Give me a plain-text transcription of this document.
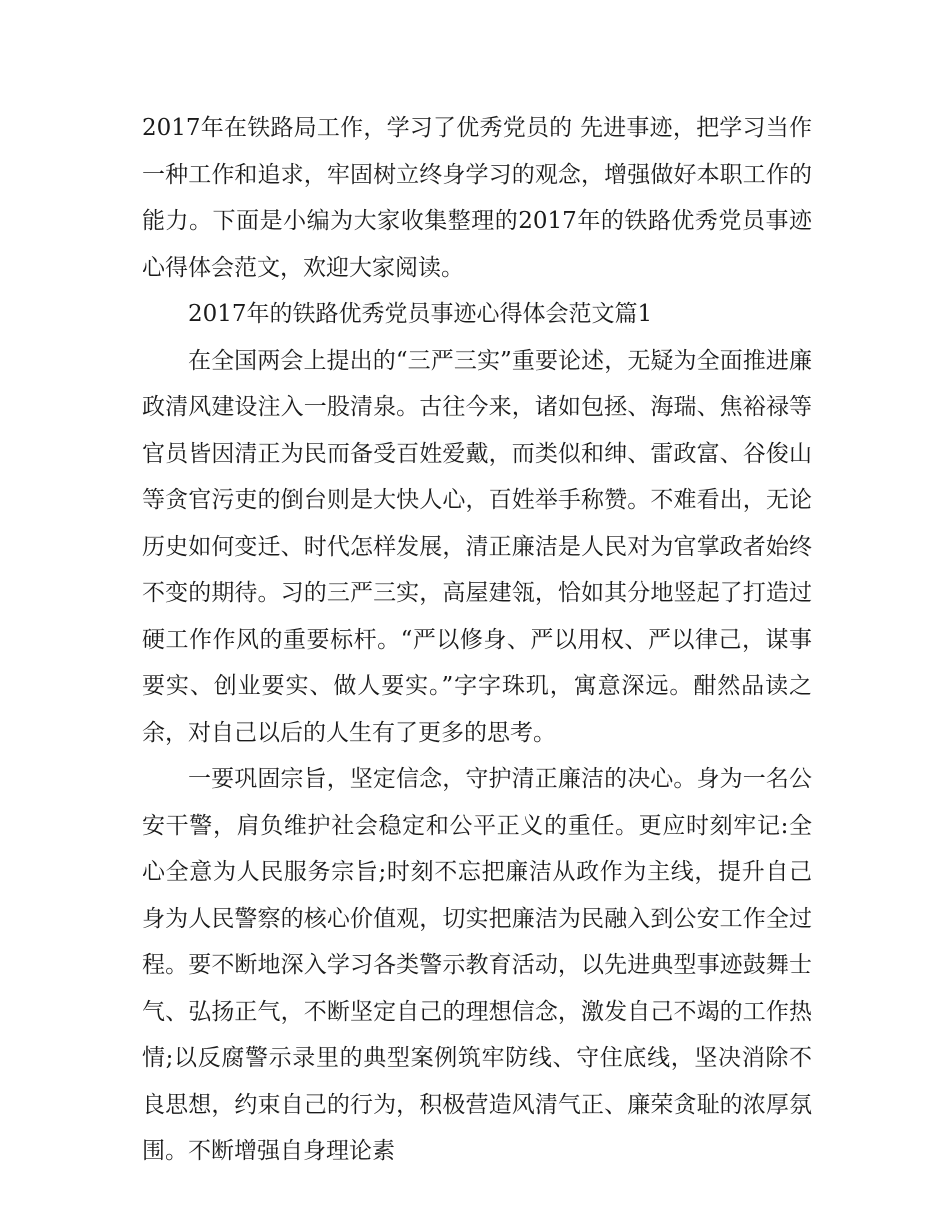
2017年在铁路局工作，学习了优秀党员的 先进事迹，把学习当作一种工作和追求，牢固树立终身学习的观念，增强做好本职工作的能力。下面是小编为大家收集整理的2017年的铁路优秀党员事迹心得体会范文，欢迎大家阅读。

2017年的铁路优秀党员事迹心得体会范文篇1

在全国两会上提出的“三严三实”重要论述，无疑为全面推进廉政清风建设注入一股清泉。古往今来，诸如包拯、海瑞、焦裕禄等官员皆因清正为民而备受百姓爱戴，而类似和绅、雷政富、谷俊山等贪官污吏的倒台则是大快人心，百姓举手称赞。不难看出，无论历史如何变迁、时代怎样发展，清正廉洁是人民对为官掌政者始终不变的期待。习的三严三实，高屋建瓴，恰如其分地竖起了打造过硬工作作风的重要标杆。“严以修身、严以用权、严以律己，谋事要实、创业要实、做人要实。”字字珠玑，寓意深远。酣然品读之余，对自己以后的人生有了更多的思考。

一要巩固宗旨，坚定信念，守护清正廉洁的决心。身为一名公安干警，肩负维护社会稳定和公平正义的重任。更应时刻牢记:全心全意为人民服务宗旨;时刻不忘把廉洁从政作为主线，提升自己身为人民警察的核心价值观，切实把廉洁为民融入到公安工作全过程。要不断地深入学习各类警示教育活动，以先进典型事迹鼓舞士气、弘扬正气，不断坚定自己的理想信念，激发自己不竭的工作热情;以反腐警示录里的典型案例筑牢防线、守住底线，坚决消除不良思想，约束自己的行为，积极营造风清气正、廉荣贪耻的浓厚氛围。不断增强自身理论素
